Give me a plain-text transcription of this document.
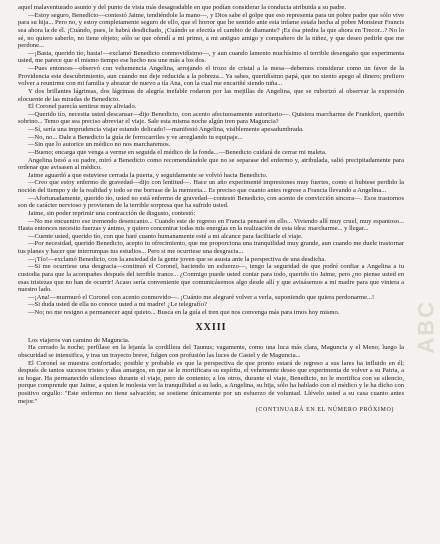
ABC

aquel malaventurado asunto y del punto de vista más desagradable en que podían considerar la conducta atribuida a su padre.

—Estoy seguro, Benedicto—contestó Jaime, tendiéndole la mano—, y Dios sabe el golpe que eso representa para un pobre padre que sólo vive para su hija... Pero no, y estoy completamente seguro de ello, que el horror que he sentido ante esta infame estafa hecha al pobre Monsieur Francis sea ahora la de él. ¡Cuándo, pues, le habrá desdichado, ¡Cuándo se efectúa el cambio de diamante? ¡Es ésa piedra la que ahora en Trecor...? No lo sé, no quiero saberlo, no tiene objeto; sólo se que ofendí a mi primo, a mi antiguo amigo y compañero de la niñez, y que deseo pedirle que me perdone...

—¡Basta, querido tío, basta!—exclamó Benedicto conmovidísimo—, y aun cuando lamento muchísimo el terrible desengaño que experimenta usted, me parece que el mismo tiempo ese hecho nos une más a los dos.

—Pues entonces—observó con vehemencia Angelina, arrojando el trozo de cristal a la mesa—debemos considerar como un favor de la Providencia este descubrimiento, aun cuando me deje reducida a la pobreza... Ya sabes, queridísimo papá, que no siento apego al dinero; prefiero volver a reunirme con mi familia y abrazar de nuevo a tía Ana, con la cual me encariñé siendo niña...

Y dos brillantes lágrimas, dos lágrimas de alegría inefable rodaron por las mejillas de Angelina, que se ruborizó al observar la expresión elocuente de las miradas de Benedicto.

El Coronel parecía sentirse muy aliviado.

—Querido tío, necesita usted descansar—dijo Benedicto, con acento afectuosamente autoritario—. Quisiera marcharme de Frankfort, querido sobrino... Temo que sea preciso abreviar el viaje. Sale esta misma noche algún tren para Maguncia?

—Sí, sería una imprudencia viajar estando delicado!—manifestó Angelina, visiblemente apesadumbrada.

—No, no... Dale a Benedicto la guía de ferrocarriles y ve arreglando tu equipaje...

—Sin que lo autorice un médico no nos marcharemos.

—Bueno; encarga que venga a verme en seguida el médico de la fonda...—Benedicto cuidará de cerrar mi maleta.

Angelina besó a su padre, miró a Benedicto como recomendándole que no se separase del enfermo y, atribulada, salió precipitadamente para ordenar que avisasen al médico.

Jaime aguardó a que estuviese cerrada la puerta, y seguidamente se volvió hacia Benedicto.

—Creo que estoy enfermo de gravedad—dijo con lentitud—. Hace un año experimenté impresiones muy fuertes, como si hubiese perdido la noción del tiempo y de la realidad y todo se me borrase de la memoria... Es preciso que cuanto antes regrese a Francia llevando a Angelina...

—Afortunadamente, querido tío, usted no está enfermo de gravedad—contestó Benedicto, con acento de convicción sincera—. Esos trastornos son de carácter nervioso y provienen de la terrible sorpresa que ha sufrido usted.

Jaime, sin poder reprimir una contracción de disgusto, contestó:

—No me encuentro ese tremendo desencanto... Cuando este de regreso en Francia pensaré en ello... Viviendo allí muy cruel, muy espantoso... Hasta entonces necesito fuerzas y ánimo, y quiero concentrar todas mis energías en la realización de esta idea: marcharme... y llegar...

—Cuente usted, querido tío, con que haré cuanto humanamente esté a mi alcance para facilitarle el viaje.

—Por necesidad, querido Benedicto, acepto tu ofrecimiento, que me proporciona una tranquilidad muy grande, aun cuando me duele trastornar tus planes y hacer que interrumpas tus estudios... Pero si me ocurriese una desgracia...

—¡Tío!—exclamó Benedicto, con la ansiedad de la gente joven que se asusta ante la perspectiva de una desdicha.

—Si me ocurriese una desgracia—continuó el Coronel, haciendo un esfuerzo—, tengo la seguridad de que podré confiar a Angelina a tu custodia para que la acompañes después del terrible trance... ¿Conmigo puede usted contar para todo, querido tío Jaime, pero ¿no piense usted en esas tristezas que no han de ocurrir! Acaso sería conveniente que comunicásemos algo desde allí y que avisásemos a mi madre para que viniera a nuestro lado.

—¡Ana!—murmuró el Coronel con acento conmovido—. ¡Cuánto me alegraré volver a verla, suponiendo que quiera perdonarme...!

—Si duda usted de ella no conoce usted a mi madre! ¿Le telegrafío?

—No; no me resigno a permanecer aquí quieto... Busca en la guía el tren que nos convenga más para irnos hoy mismo.

XXIII

Los viajeros van camino de Maguncia.

Ha cerrado la noche; perfílase en la lejanía la cordillera del Taunus; vagamente, como una luca más clara, Maguncia y el Meno; luego la obscuridad se intensifica, y tras un trayecto breve, fulgen con profusión las luces de Castel y de Maguncia...

El Coronel se muestra confortado; posible y probable es que la perspectiva de que pronto estará de regreso a sus lares ha influido en él; después de tantos sucesos tristes y días amargos, en que se le mortificara su espíritu, el vehemente deseo que experimenta de volver a su Patria, a su hogar. Ha permanecido silencioso durante el viaje, pero de contento; a los otros, durante el viaje, Benedicto, no le mortifica con su silencio, porque comprende que Jaime, a quien le molesta ver la tranquilidad a su lado, a Angelina, su hija, sólo ha hablado con el médico y le ha dicho con positivo orgullo: "Este enfermo no tiene salvación; se sostiene únicamente por un esfuerzo de voluntad. Llévelo usted a su casa cuanto antes mejor."

(CONTINUARÁ EN EL NÚMERO PRÓXIMO)
